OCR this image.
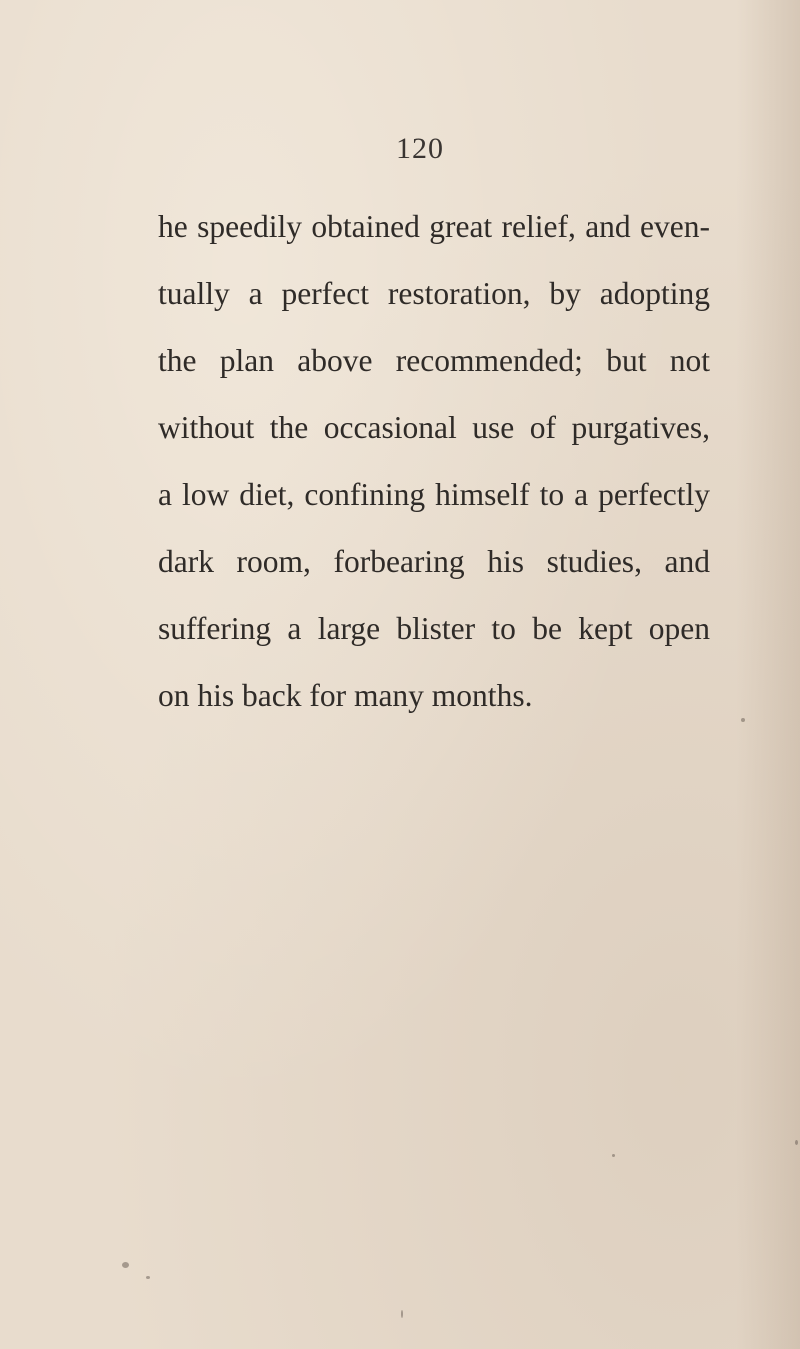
120
he speedily obtained great relief, and even-
tually a perfect restoration, by adopting
the plan above recommended; but not
without the occasional use of purgatives,
a low diet, confining himself to a perfectly
dark room, forbearing his studies, and
suffering a large blister to be kept open
on his back for many months.
